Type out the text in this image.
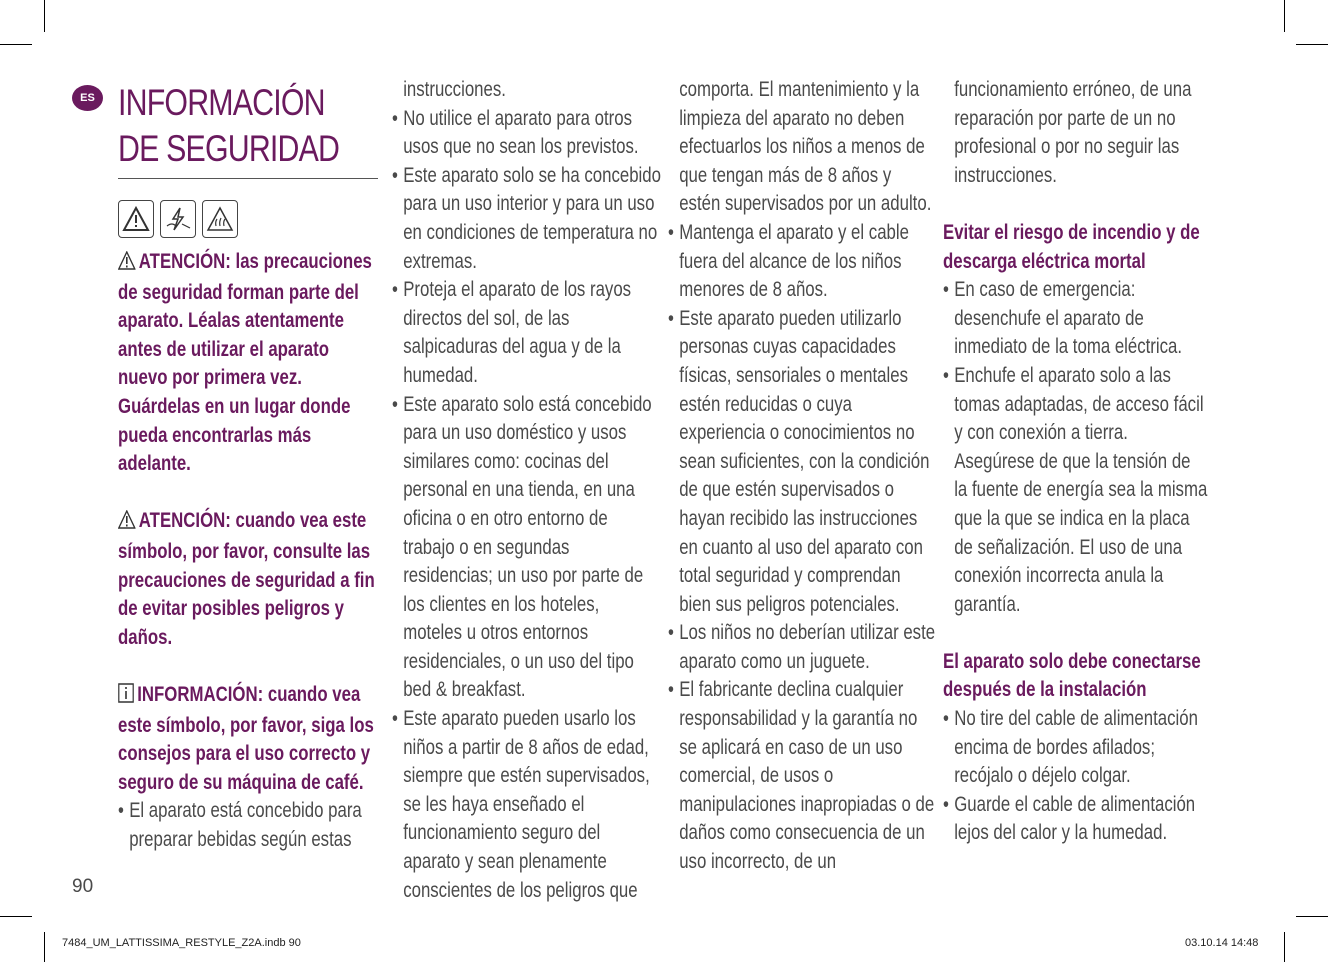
ES INFORMACIÓN DE SEGURIDAD

ATENCIÓN: las precauciones de seguridad forman parte del aparato. Léalas atentamente antes de utilizar el aparato nuevo por primera vez. Guárdelas en un lugar donde pueda encontrarlas más adelante.

ATENCIÓN: cuando vea este símbolo, por favor, consulte las precauciones de seguridad a fin de evitar posibles peligros y daños.

INFORMACIÓN: cuando vea este símbolo, por favor, siga los consejos para el uso correcto y seguro de su máquina de café.

• El aparato está concebido para preparar bebidas según estas

instrucciones.

• No utilice el aparato para otros usos que no sean los previstos.
• Este aparato solo se ha concebido para un uso interior y para un uso en condiciones de temperatura no extremas.
• Proteja el aparato de los rayos directos del sol, de las salpicaduras del agua y de la humedad.
• Este aparato solo está concebido para un uso doméstico y usos similares como: cocinas del personal en una tienda, en una oficina o en otro entorno de trabajo o en segundas residencias; un uso por parte de los clientes en los hoteles, moteles u otros entornos residenciales, o un uso del tipo bed & breakfast.
• Este aparato pueden usarlo los niños a partir de 8 años de edad, siempre que estén supervisados, se les haya enseñado el funcionamiento seguro del aparato y sean plenamente conscientes de los peligros que

comporta. El mantenimiento y la limpieza del aparato no deben efectuarlos los niños a menos de que tengan más de 8 años y estén supervisados por un adulto.

• Mantenga el aparato y el cable fuera del alcance de los niños menores de 8 años.
• Este aparato pueden utilizarlo personas cuyas capacidades físicas, sensoriales o mentales estén reducidas o cuya experiencia o conocimientos no sean suficientes, con la condición de que estén supervisados o hayan recibido las instrucciones en cuanto al uso del aparato con total seguridad y comprendan bien sus peligros potenciales.
• Los niños no deberían utilizar este aparato como un juguete.
• El fabricante declina cualquier responsabilidad y la garantía no se aplicará en caso de un uso comercial, de usos o manipulaciones inapropiadas o de daños como consecuencia de un uso incorrecto, de un

funcionamiento erróneo, de una reparación por parte de un no profesional o por no seguir las instrucciones.

Evitar el riesgo de incendio y de descarga eléctrica mortal

• En caso de emergencia: desenchufe el aparato de inmediato de la toma eléctrica.
• Enchufe el aparato solo a las tomas adaptadas, de acceso fácil y con conexión a tierra. Asegúrese de que la tensión de la fuente de energía sea la misma que la que se indica en la placa de señalización. El uso de una conexión incorrecta anula la garantía.

El aparato solo debe conectarse después de la instalación

• No tire del cable de alimentación encima de bordes afilados; recójalo o déjelo colgar.
• Guarde el cable de alimentación lejos del calor y la humedad.
90
7484_UM_LATTISSIMA_RESTYLE_Z2A.indb 90	03.10.14 14:48
